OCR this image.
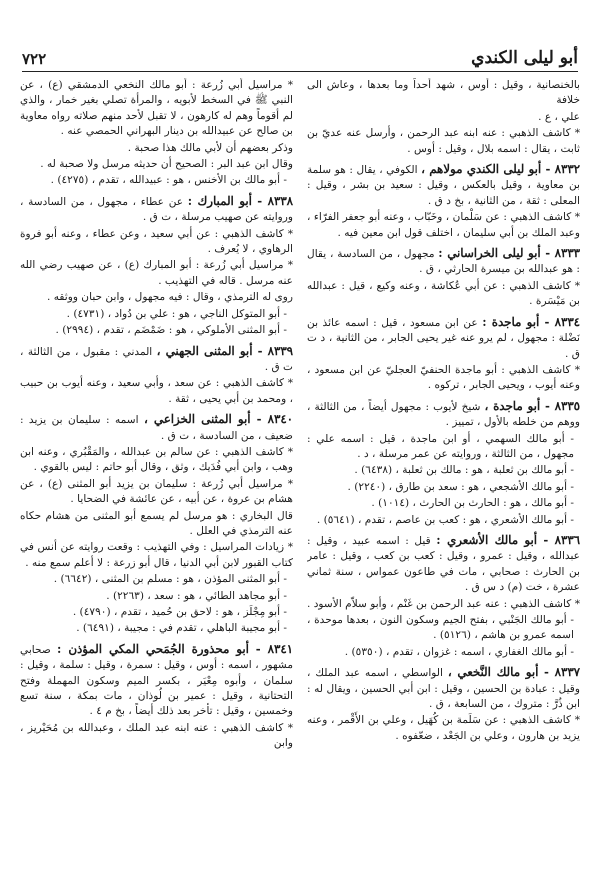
أبو ليلى الكندي
٧٢٢

بالخنصانية ، وقيل : أوس ، شهد أحداً وما بعدها ، وعاش الى خلافة

علي ، ع .

* كاشف الذهبي : عنه ابنه عبد الرحمن ، وأرسل عنه عديّ بن ثابت ، يقال : اسمه بلال ، وقيل : أوس .

٨٣٣٢ - أبو ليلى الكندي مولاهم ، الكوفي ، يقال : هو سلمة بن معاوية ، وقيل بالعكس ، وقيل : سعيد بن بشر ، وقيل : المعلى : ثقة ، من الثانية ، بخ د ق .

* كاشف الذهبي : عن سَلْمان ، وخَبّاب ، وعنه أبو جعفر الفرّاء ، وعبد الملك بن أبي سليمان ، اختلف قول ابن معين فيه .

٨٣٣٣ - أبو ليلى الخراساني : مجهول ، من السادسة ، يقال : هو عبدالله بن ميسرة الحارثي ، ق .

* كاشف الذهبي : عن أبي عُكاشة ، وعنه وكيع ، قيل : عبدالله بن مَيْسَرة .

٨٣٣٤ - أبو ماجدة : عن ابن مسعود ، قيل : اسمه عائذ بن نَضْلة : مجهول ، لم يرو عنه غير يحيى الجابر ، من الثانية ، د ت ق .

* كاشف الذهبي : أبو ماجدة الحنفيّ العجليّ عن ابن مسعود ، وعنه أيوب ، ويحيى الجابر ، تركوه .

٨٣٣٥ - أبو ماجدة ، شيخ لأيوب : مجهول أيضاً ، من الثالثة ، ووهم من خلطه بالأول ، تمييز .

- أبو مالك السهمي ، أو ابن ماجدة ، قيل : اسمه علي : مجهول ، من الثالثة ، وروايته عن عمر مرسلة ، د .

- أبو مالك بن ثعلبة ، هو : مالك بن ثعلبة ، (٦٤٣٨) .

- أبو مالك الأشجعي ، هو : سعد بن طارق ، (٢٢٤٠) .

- أبو مالك ، هو : الحارث بن الحارث ، (١٠١٤) .

- أبو مالك الأشعري ، هو : كعب بن عاصم ، تقدم ، (٥٦٤١) .

٨٣٣٦ - أبو مالك الأشعري : قيل : اسمه عبيد ، وقيل : عبدالله ، وقيل : عمرو ، وقيل : كعب بن كعب ، وقيل : عامر بن الحارث : صحابي ، مات في طاعون عمواس ، سنة ثماني عشرة ، خت (م) د س ق .

* كاشف الذهبي : عنه عبد الرحمن بن غَنْم ، وأبو سلاّم الأسود .

- أبو مالك الجَنْبي ، بفتح الجيم وسكون النون ، بعدها موحدة ، اسمه عمرو بن هاشم ، (٥١٢٦) .

- أبو مالك الغفاري ، اسمه : غزوان ، تقدم ، (٥٣٥٠) .

٨٣٣٧ - أبو مالك النَّخعي ، الواسطي ، اسمه عبد الملك ، وقيل : عبادة بن الحسين ، وقيل : ابن أبي الحسين ، ويقال له : ابن ذُرَّ : متروك ، من السابعة ، ق .

* كاشف الذهبي : عن سَلَمة بن كُهَيل ، وعلي بن الأَقْمر ، وعنه يزيد بن هارون ، وعلي بن الجَعْد ، ضعّفوه .

* مراسيل أبي زُرعة : أبو مالك النخعي الدمشقي (ع) ، عن النبي ﷺ في السخط لأبويه ، والمرأة تصلي بغير خمار ، والذي لم أقوماً وهم له كارهون ، لا تقبل لأحد منهم صلاته رواه معاوية بن صالح عن عبيدالله بن دينار البهراني الحمصي عنه .

وذكر بعضهم أن لأبي مالك هذا صحبة .

وقال ابن عبد البر : الصحيح أن حديثه مرسل ولا صحبة له .

- أبو مالك بن الأخنس ، هو : عبيدالله ، تقدم ، (٤٢٧٥) .

٨٣٣٨ - أبو المبارك : عن عطاء ، مجهول ، من السادسة ، وروايته عن صهيب مرسلة ، ت ق .

* كاشف الذهبي : عن أبي سعيد ، وعن عطاء ، وعنه أبو فروة الرهاوي ، لا يُعرف .

* مراسيل أبي زُرعة : أبو المبارك (ع) ، عن صهيب رضي الله عنه مرسل . قاله في التهذيب .

روى له الترمذي ، وقال : فيه مجهول ، وابن حبان ووثقه .

- أبو المتوكل الناجي ، هو : علي بن دُواد ، (٤٧٣١) .

- أبو المثنى الأملوكي ، هو : ضَمْضَم ، تقدم ، (٢٩٩٤) .

٨٣٣٩ - أبو المثنى الجهني ، المدني : مقبول ، من الثالثة ، ت ق .

* كاشف الذهبي : عن سعد ، وأبي سعيد ، وعنه أيوب بن حبيب ، ومحمد بن أبي يحيى ، ثقة .

٨٣٤٠ - أبو المثنى الخزاعي ، اسمه : سليمان بن يزيد : ضعيف ، من السادسة ، ت ق .

* كاشف الذهبي : عن سالم بن عبدالله ، والمَقْبُري ، وعنه ابن وهب ، وابن أبي فُدَيك ، وثق ، وقال أبو حاتم : ليس بالقوي .

* مراسيل أبي زُرعة : سليمان بن يزيد أبو المثنى (ع) ، عن هشام بن عروة ، عن أبيه ، عن عائشة في الضحايا .

قال البخاري : هو مرسل لم يسمع أبو المثنى من هشام حكاه عنه الترمذي في العلل .

* زيادات المراسيل : وفي التهذيب : وقعت روايته عن أنس في كتاب القبور لابن أبي الدنيا ، قال أبو زرعة : لا أعلم سمع منه .

- أبو المثنى المؤذن ، هو : مسلم بن المثنى ، (٦٦٤٢) .

- أبو مجاهد الطائي ، هو : سعد ، (٢٢٦٣) .

- أبو مِجْلَز ، هو : لاحق بن حُميد ، تقدم ، (٤٧٩٠) .

- أبو مجيبة الباهلي ، تقدم في : مجيبة ، (٦٤٩١) .

٨٣٤١ - أبو محذورة الجُمَحي المكي المؤذن : صحابي مشهور ، اسمه : أوس ، وقيل : سمرة ، وقيل : سلمة ، وقيل : سلمان ، وأبوه مِعْيَر ، بكسر الميم وسكون المهملة وفتح التحتانية ، وقيل : عمير بن لُوذان ، مات بمكة ، سنة تسع وخمسين ، وقيل : تأخر بعد ذلك أيضاً ، بخ م ٤ .

* كاشف الذهبي : عنه ابنه عبد الملك ، وعبدالله بن مُحَيْريز ، وابن
